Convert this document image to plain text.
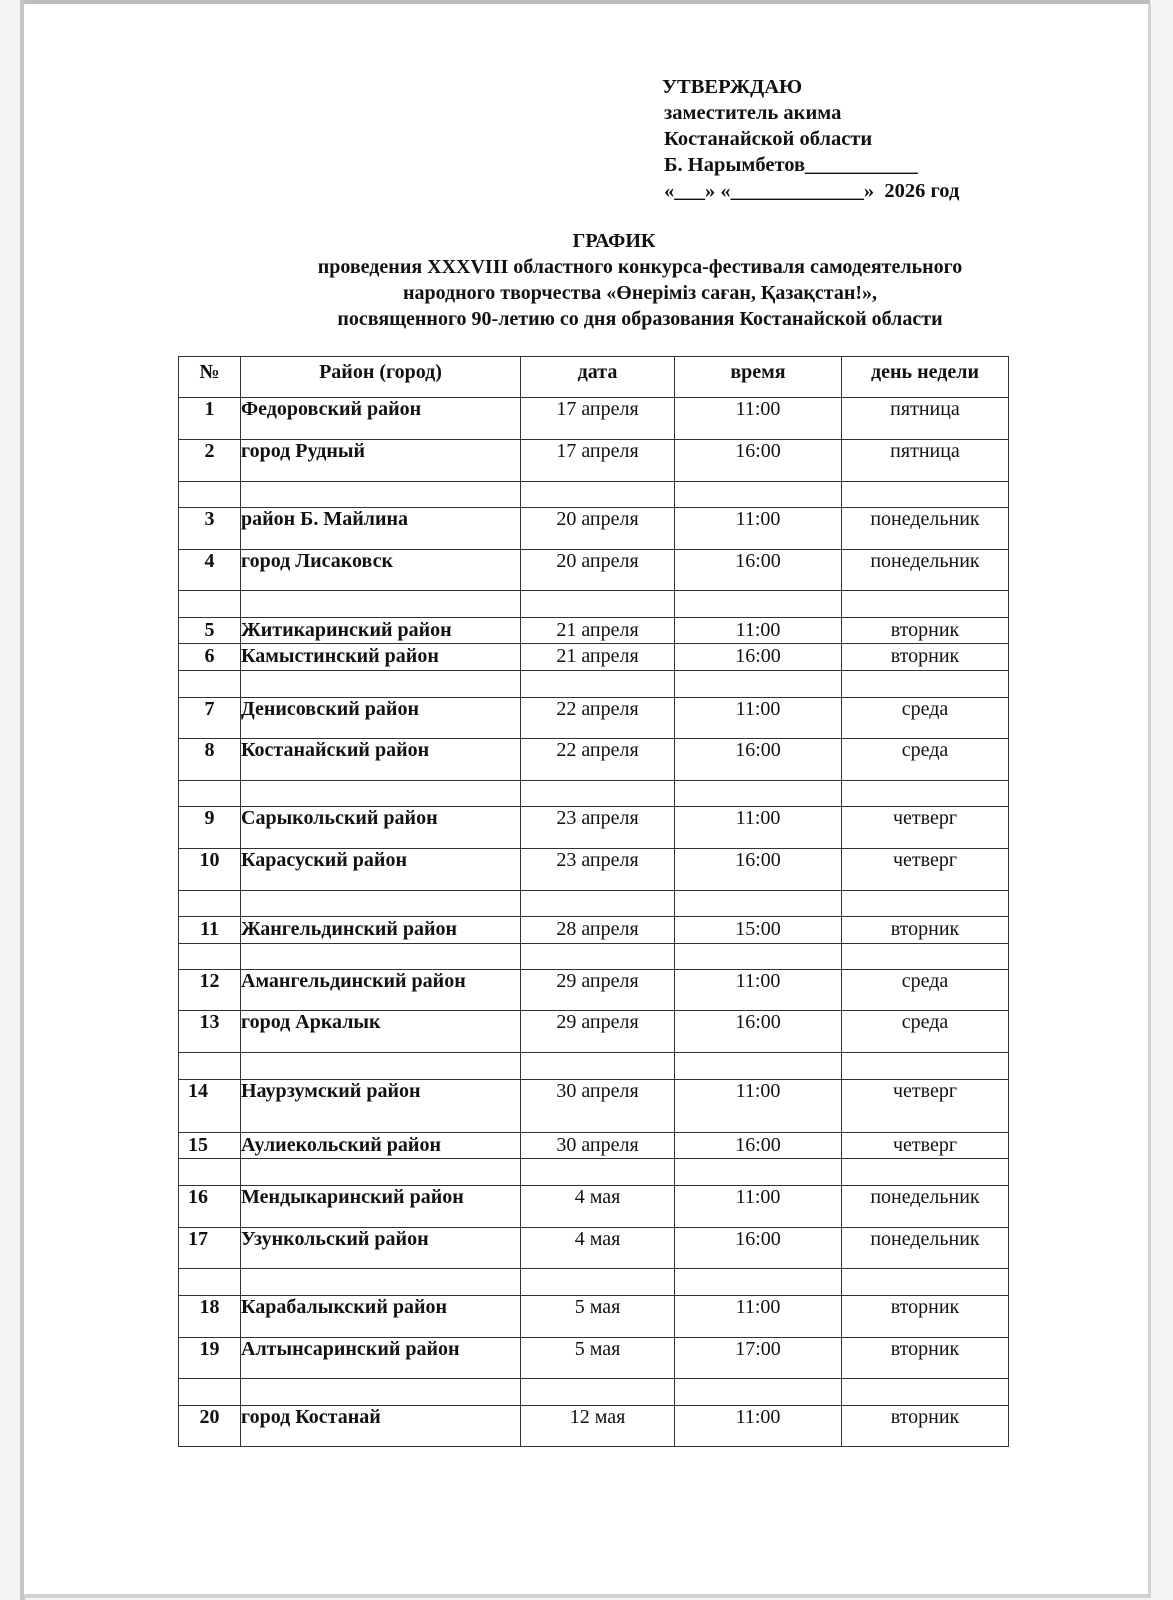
УТВЕРЖДАЮ
заместитель акима
Костанайской области
Б. Нарымбетов___________
«___» «_____________»  2026 год
ГРАФИК
проведения XXXVIII областного конкурса-фестиваля самодеятельного
народного творчества «Өнеріміз саған, Қазақстан!»,
посвященного 90-летию со дня образования Костанайской области
№	Район (город)	дата	время	день недели
1	Федоровский район	17 апреля	11:00	пятница
2	город Рудный	17 апреля	16:00	пятница

3	район Б. Майлина	20 апреля	11:00	понедельник
4	город Лисаковск	20 апреля	16:00	понедельник

5	Житикаринский район	21 апреля	11:00	вторник
6	Камыстинский район	21 апреля	16:00	вторник

7	Денисовский район	22 апреля	11:00	среда
8	Костанайский район	22 апреля	16:00	среда

9	Сарыкольский район	23 апреля	11:00	четверг
10	Карасуский район	23 апреля	16:00	четверг

11	Жангельдинский район	28 апреля	15:00	вторник

12	Амангельдинский район	29 апреля	11:00	среда
13	город Аркалык	29 апреля	16:00	среда

14	Наурзумский район	30 апреля	11:00	четверг
15	Аулиекольский район	30 апреля	16:00	четверг

16	Мендыкаринский район	4 мая	11:00	понедельник
17	Узункольский район	4 мая	16:00	понедельник

18	Карабалыкский район	5 мая	11:00	вторник
19	Алтынсаринский район	5 мая	17:00	вторник

20	город Костанай	12 мая	11:00	вторник
